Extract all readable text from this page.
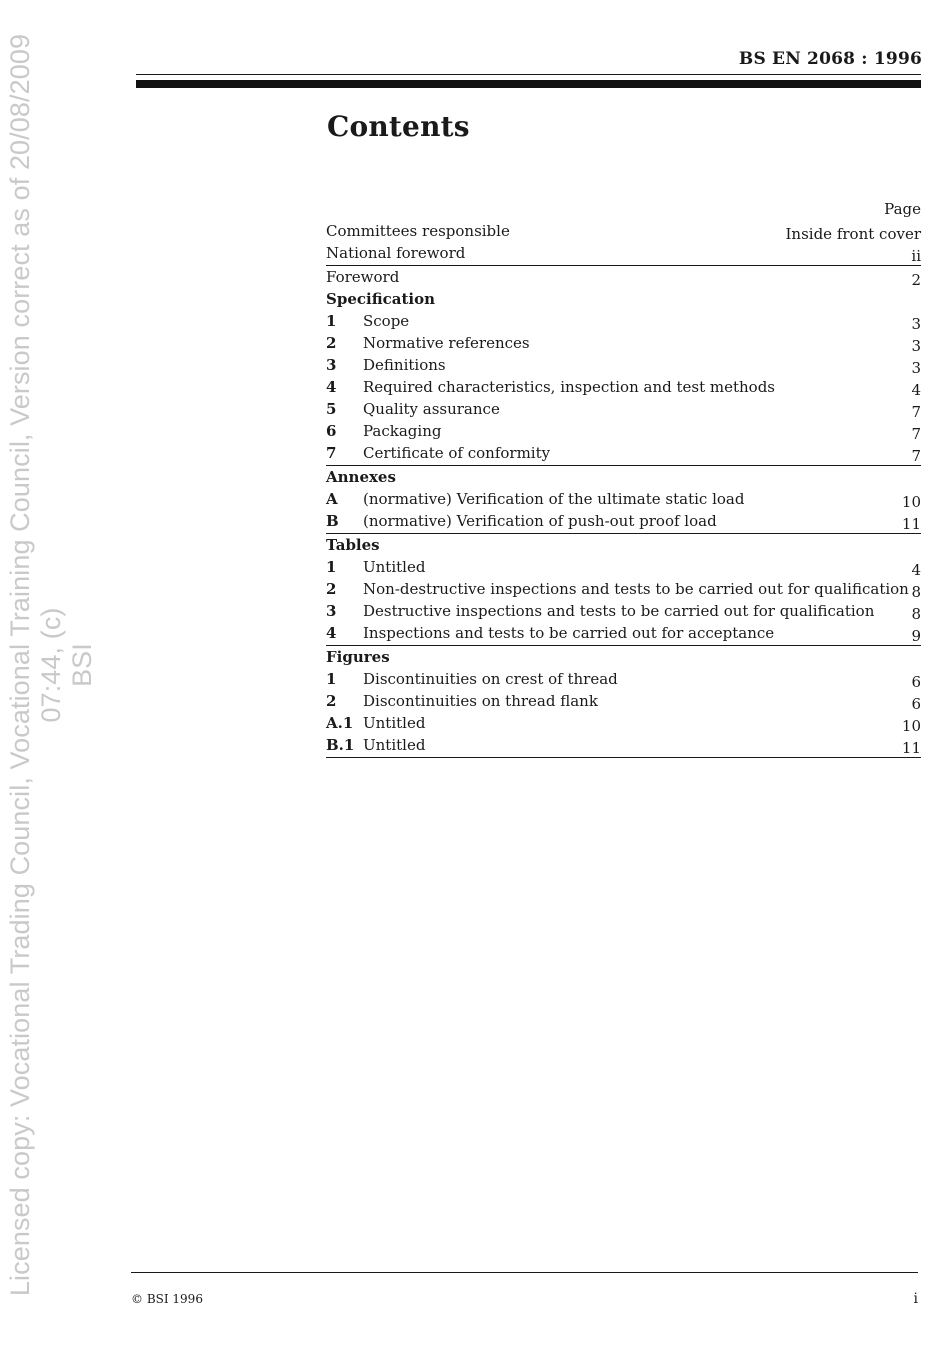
Licensed copy: Vocational Trading Council, Vocational Training Council, Version correct as of 20/08/2009 07:44, (c) BSI
BS EN 2068 : 1996
Contents
Page
Committees responsible	Inside front cover
National foreword	ii
Foreword	2
Specification
1 Scope	3
2 Normative references	3
3 Definitions	3
4 Required characteristics, inspection and test methods	4
5 Quality assurance	7
6 Packaging	7
7 Certificate of conformity	7
Annexes
A (normative) Verification of the ultimate static load	10
B (normative) Verification of push-out proof load	11
Tables
1 Untitled	4
2 Non-destructive inspections and tests to be carried out for qualification 8
3 Destructive inspections and tests to be carried out for qualification 8
4 Inspections and tests to be carried out for acceptance	9
Figures
1 Discontinuities on crest of thread	6
2 Discontinuities on thread flank	6
A.1 Untitled	10
B.1 Untitled	11
© BSI 1996	i
